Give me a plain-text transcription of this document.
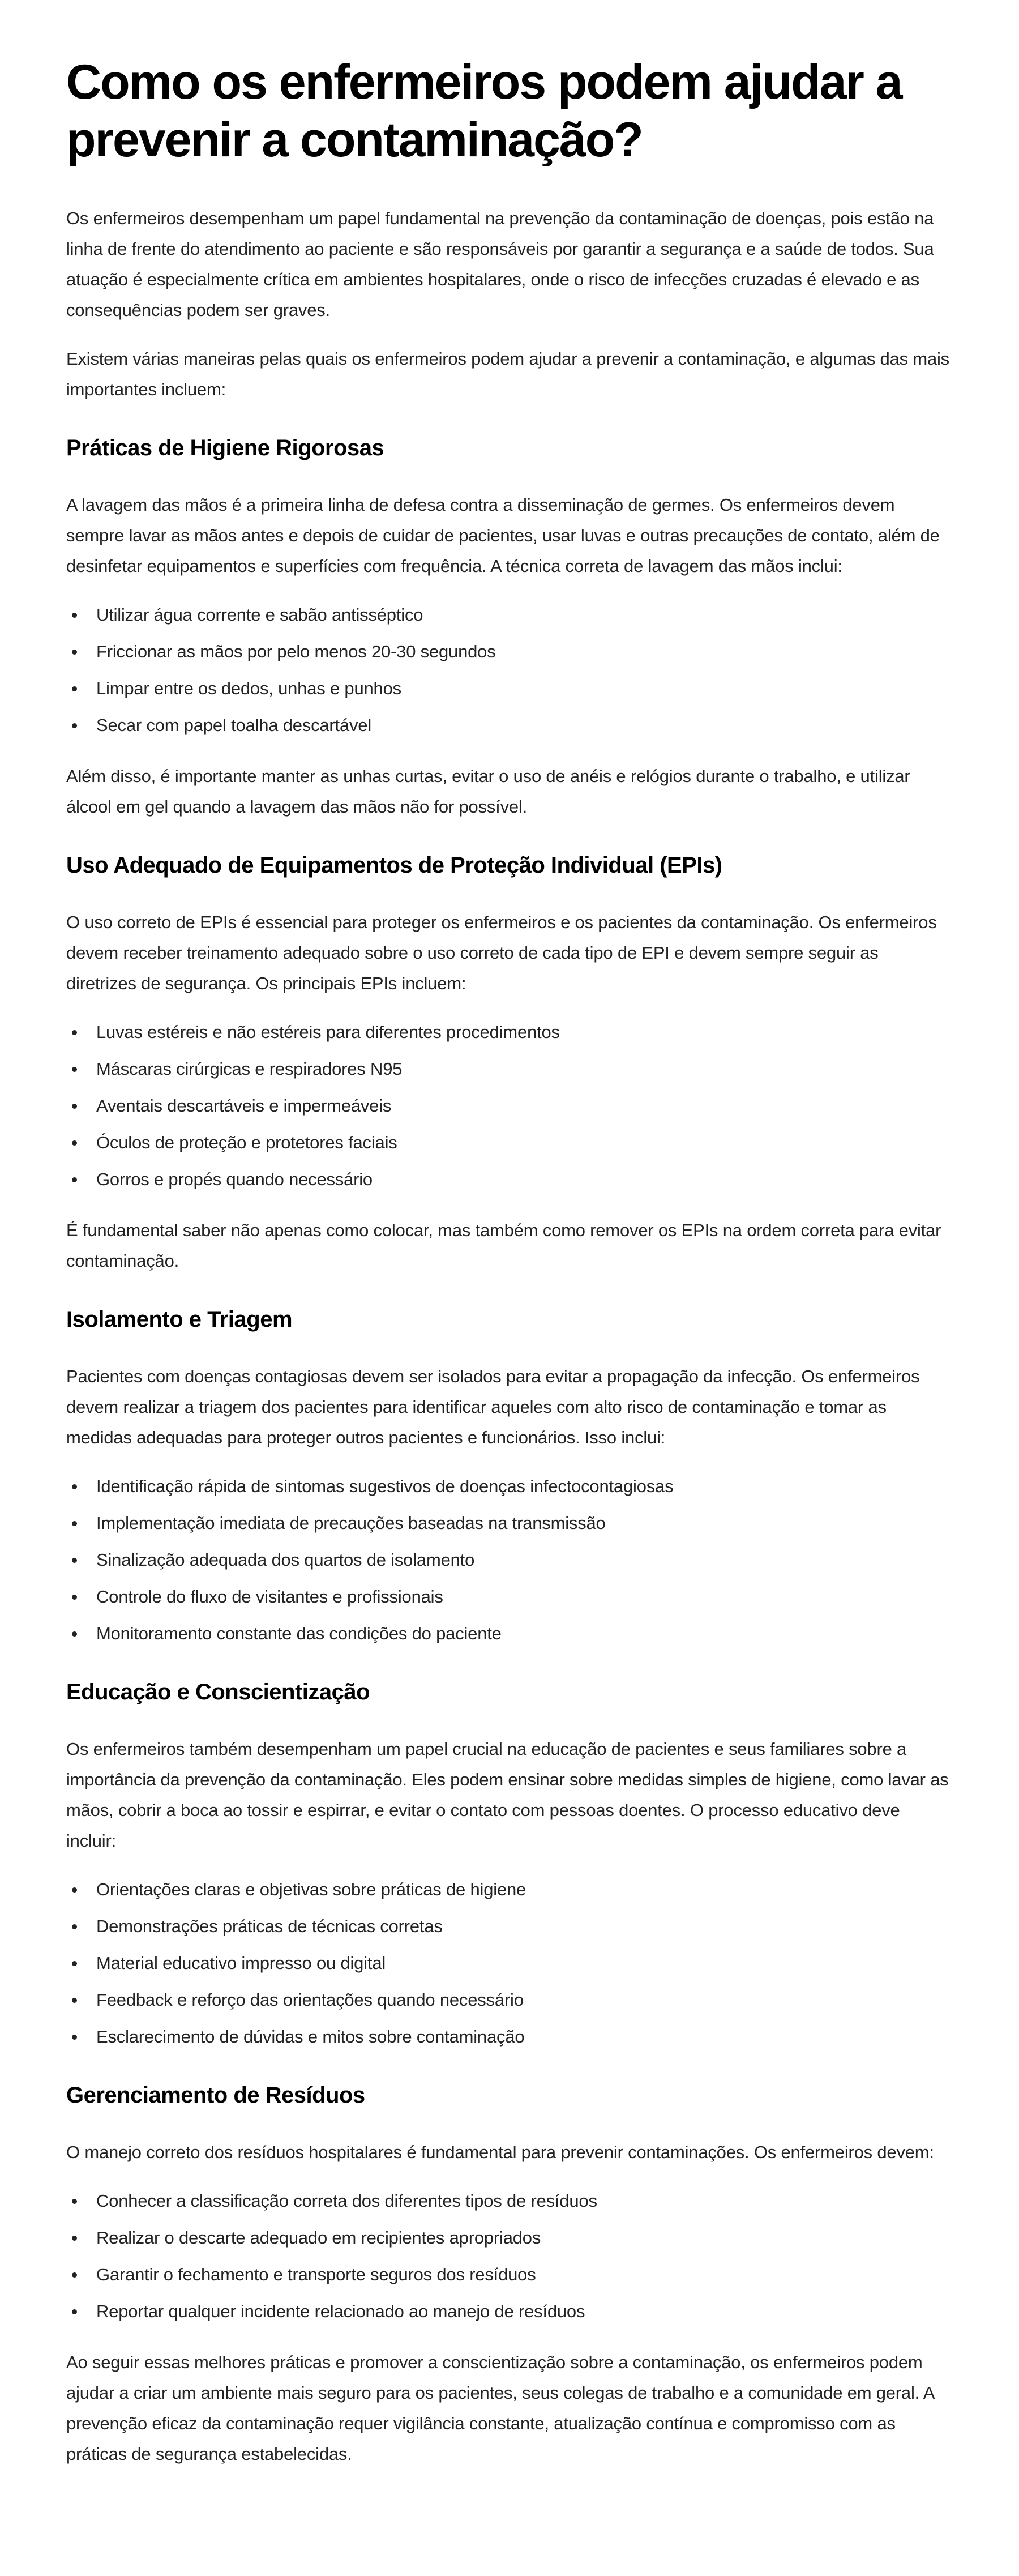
Como os enfermeiros podem ajudar a prevenir a contaminação?

Os enfermeiros desempenham um papel fundamental na prevenção da contaminação de doenças, pois estão na linha de frente do atendimento ao paciente e são responsáveis por garantir a segurança e a saúde de todos. Sua atuação é especialmente crítica em ambientes hospitalares, onde o risco de infecções cruzadas é elevado e as consequências podem ser graves.

Existem várias maneiras pelas quais os enfermeiros podem ajudar a prevenir a contaminação, e algumas das mais importantes incluem:

Práticas de Higiene Rigorosas

A lavagem das mãos é a primeira linha de defesa contra a disseminação de germes. Os enfermeiros devem sempre lavar as mãos antes e depois de cuidar de pacientes, usar luvas e outras precauções de contato, além de desinfetar equipamentos e superfícies com frequência. A técnica correta de lavagem das mãos inclui:

Utilizar água corrente e sabão antisséptico
Friccionar as mãos por pelo menos 20-30 segundos
Limpar entre os dedos, unhas e punhos
Secar com papel toalha descartável

Além disso, é importante manter as unhas curtas, evitar o uso de anéis e relógios durante o trabalho, e utilizar álcool em gel quando a lavagem das mãos não for possível.

Uso Adequado de Equipamentos de Proteção Individual (EPIs)

O uso correto de EPIs é essencial para proteger os enfermeiros e os pacientes da contaminação. Os enfermeiros devem receber treinamento adequado sobre o uso correto de cada tipo de EPI e devem sempre seguir as diretrizes de segurança. Os principais EPIs incluem:

Luvas estéreis e não estéreis para diferentes procedimentos
Máscaras cirúrgicas e respiradores N95
Aventais descartáveis e impermeáveis
Óculos de proteção e protetores faciais
Gorros e propés quando necessário

É fundamental saber não apenas como colocar, mas também como remover os EPIs na ordem correta para evitar contaminação.

Isolamento e Triagem

Pacientes com doenças contagiosas devem ser isolados para evitar a propagação da infecção. Os enfermeiros devem realizar a triagem dos pacientes para identificar aqueles com alto risco de contaminação e tomar as medidas adequadas para proteger outros pacientes e funcionários. Isso inclui:

Identificação rápida de sintomas sugestivos de doenças infectocontagiosas
Implementação imediata de precauções baseadas na transmissão
Sinalização adequada dos quartos de isolamento
Controle do fluxo de visitantes e profissionais
Monitoramento constante das condições do paciente
Educação e Conscientização

Os enfermeiros também desempenham um papel crucial na educação de pacientes e seus familiares sobre a importância da prevenção da contaminação. Eles podem ensinar sobre medidas simples de higiene, como lavar as mãos, cobrir a boca ao tossir e espirrar, e evitar o contato com pessoas doentes. O processo educativo deve incluir:

Orientações claras e objetivas sobre práticas de higiene
Demonstrações práticas de técnicas corretas
Material educativo impresso ou digital
Feedback e reforço das orientações quando necessário
Esclarecimento de dúvidas e mitos sobre contaminação
Gerenciamento de Resíduos

O manejo correto dos resíduos hospitalares é fundamental para prevenir contaminações. Os enfermeiros devem:

Conhecer a classificação correta dos diferentes tipos de resíduos
Realizar o descarte adequado em recipientes apropriados
Garantir o fechamento e transporte seguros dos resíduos
Reportar qualquer incidente relacionado ao manejo de resíduos

Ao seguir essas melhores práticas e promover a conscientização sobre a contaminação, os enfermeiros podem ajudar a criar um ambiente mais seguro para os pacientes, seus colegas de trabalho e a comunidade em geral. A prevenção eficaz da contaminação requer vigilância constante, atualização contínua e compromisso com as práticas de segurança estabelecidas.
